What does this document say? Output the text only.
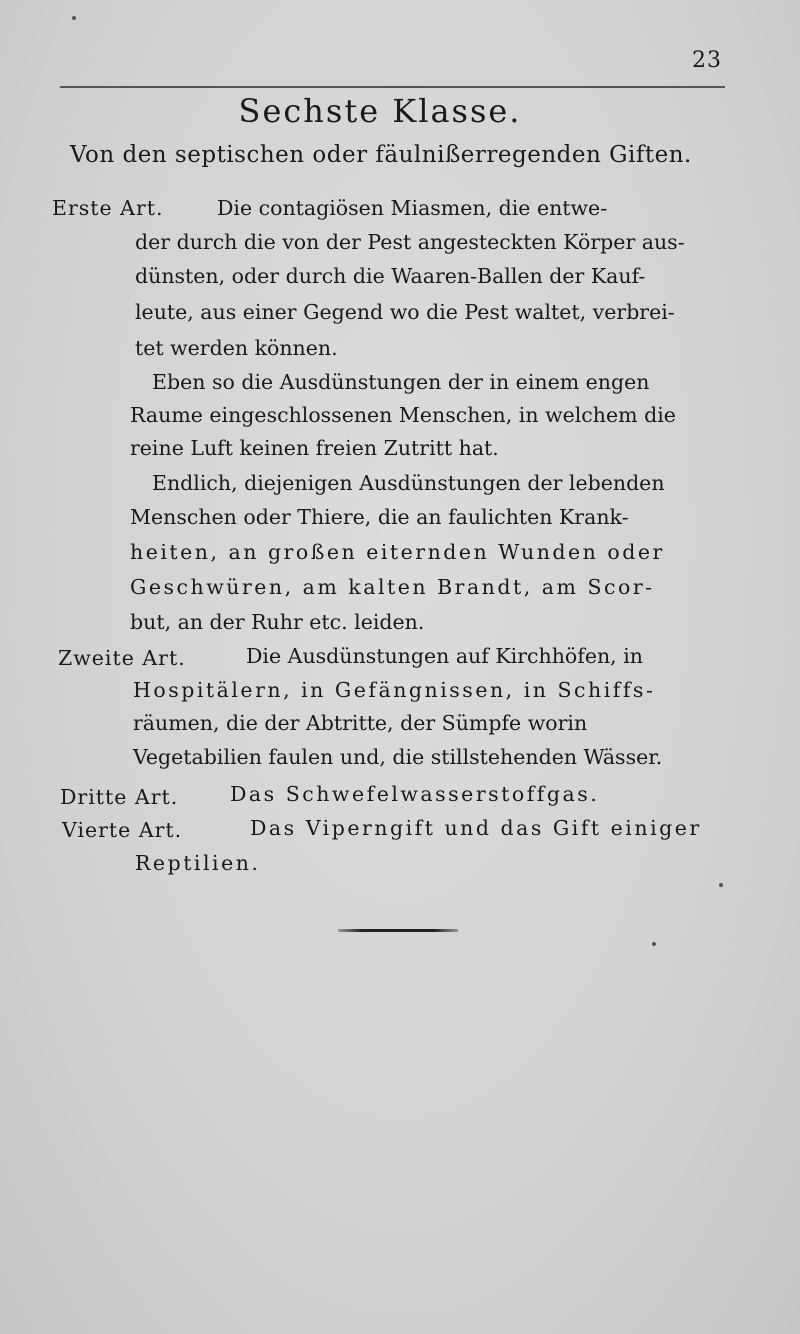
23
Sechste Klasse.
Von den septischen oder fäulnißerregenden Giften.
Erste Art.	Die contagiösen Miasmen, die entwe-
der durch die von der Pest angesteckten Körper aus-
dünsten, oder durch die Waaren-Ballen der Kauf-
leute, aus einer Gegend wo die Pest waltet, verbrei-
tet werden können.
Eben so die Ausdünstungen der in einem engen
Raume eingeschlossenen Menschen, in welchem die
reine Luft keinen freien Zutritt hat.
Endlich, diejenigen Ausdünstungen der lebenden
Menschen oder Thiere, die an faulichten Krank-
heiten, an großen eiternden Wunden oder
Geschwüren, am kalten Brandt, am Scor-
but, an der Ruhr etc. leiden.
Zweite Art.	Die Ausdünstungen auf Kirchhöfen, in
Hospitälern, in Gefängnissen, in Schiffs-
räumen, die der Abtritte, der Sümpfe worin
Vegetabilien faulen und, die stillstehenden Wässer.
Dritte Art.	Das Schwefelwasserstoffgas.
Vierte Art.	Das Viperngift und das Gift einiger
Reptilien.
